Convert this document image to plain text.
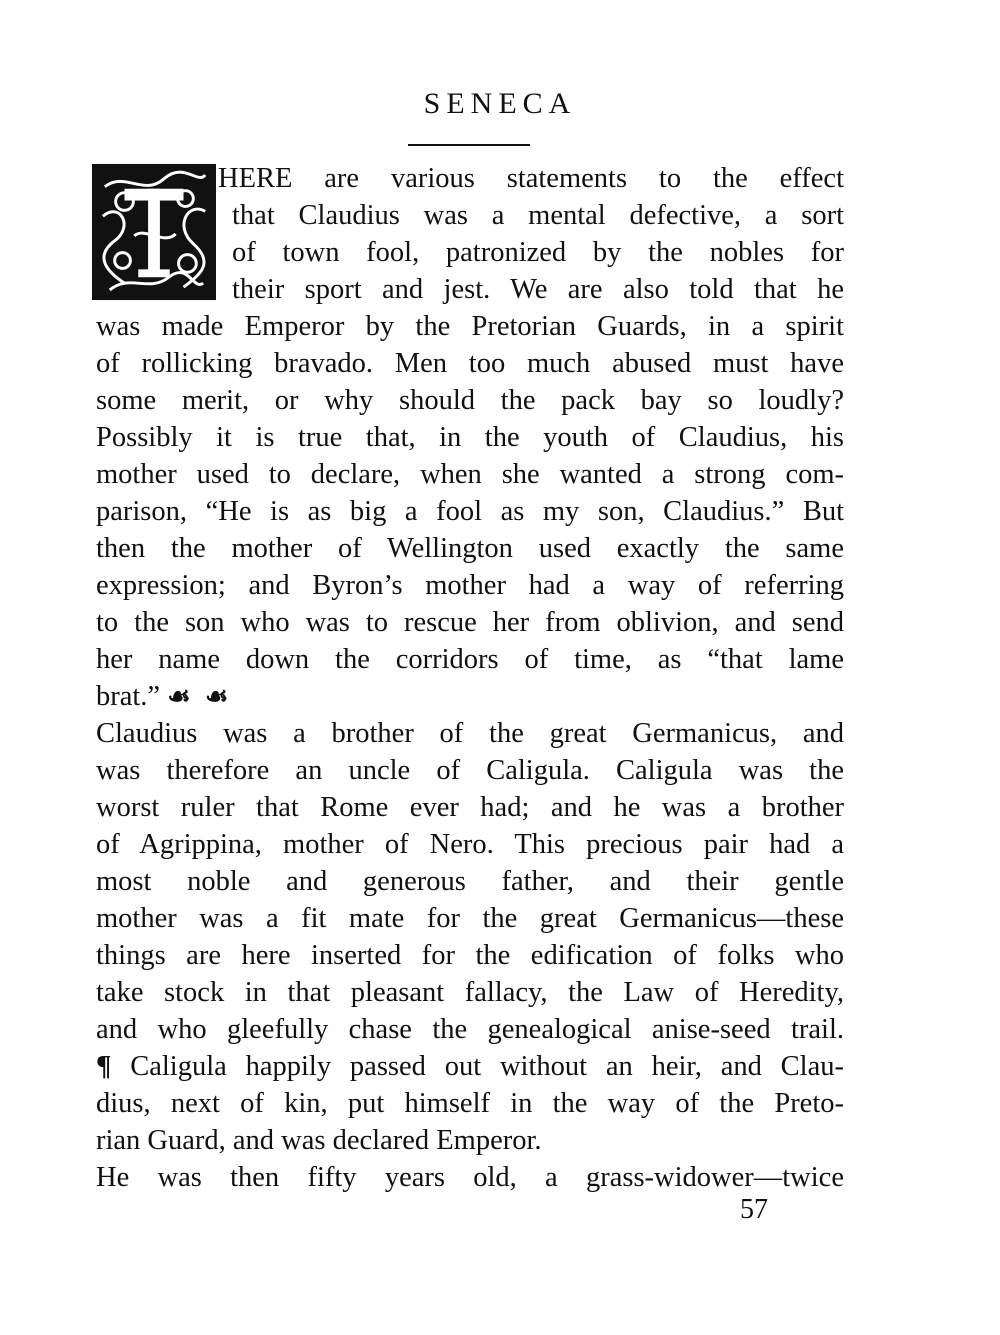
SENECA
HERE are various statements to the effect
that Claudius was a mental defective, a sort
of town fool, patronized by the nobles for
their sport and jest. We are also told that he
was made Emperor by the Pretorian Guards, in a spirit
of rollicking bravado. Men too much abused must have
some merit, or why should the pack bay so loudly?
Possibly it is true that, in the youth of Claudius, his
mother used to declare, when she wanted a strong com-
parison, “He is as big a fool as my son, Claudius.” But
then the mother of Wellington used exactly the same
expression; and Byron’s mother had a way of referring
to the son who was to rescue her from oblivion, and send
her name down the corridors of time, as “that lame
brat.” ☙ ☙
Claudius was a brother of the great Germanicus, and
was therefore an uncle of Caligula. Caligula was the
worst ruler that Rome ever had; and he was a brother
of Agrippina, mother of Nero. This precious pair had a
most noble and generous father, and their gentle
mother was a fit mate for the great Germanicus—these
things are here inserted for the edification of folks who
take stock in that pleasant fallacy, the Law of Heredity,
and who gleefully chase the genealogical anise-seed trail.
¶ Caligula happily passed out without an heir, and Clau-
dius, next of kin, put himself in the way of the Preto-
rian Guard, and was declared Emperor.
He was then fifty years old, a grass-widower—twice
57
